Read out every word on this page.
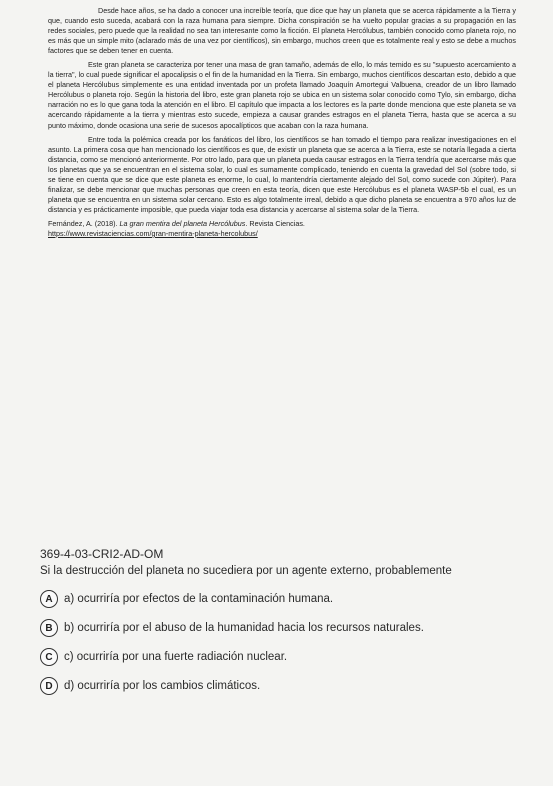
Desde hace años, se ha dado a conocer una increíble teoría, que dice que hay un planeta que se acerca rápidamente a la Tierra y que, cuando esto suceda, acabará con la raza humana para siempre. Dicha conspiración se ha vuelto popular gracias a su propagación en las redes sociales, pero puede que la realidad no sea tan interesante como la ficción. El planeta Hercólubus, también conocido como planeta rojo, no es más que un simple mito (aclarado más de una vez por científicos), sin embargo, muchos creen que es totalmente real y esto se debe a muchos factores que se deben tener en cuenta.

Este gran planeta se caracteriza por tener una masa de gran tamaño, además de ello, lo más temido es su "supuesto acercamiento a la tierra", lo cual puede significar el apocalipsis o el fin de la humanidad en la Tierra. Sin embargo, muchos científicos descartan esto, debido a que el planeta Hercólubus simplemente es una entidad inventada por un profeta llamado Joaquín Amortegui Valbuena, creador de un libro llamado Hercólubus o planeta rojo. Según la historia del libro, este gran planeta rojo se ubica en un sistema solar conocido como Tylo, sin embargo, dicha narración no es lo que gana toda la atención en el libro. El capítulo que impacta a los lectores es la parte donde menciona que este planeta se va acercando rápidamente a la tierra y mientras esto sucede, empieza a causar grandes estragos en el planeta Tierra, hasta que se acerca a su punto máximo, donde ocasiona una serie de sucesos apocalípticos que acaban con la raza humana.

Entre toda la polémica creada por los fanáticos del libro, los científicos se han tomado el tiempo para realizar investigaciones en el asunto. La primera cosa que han mencionado los científicos es que, de existir un planeta que se acerca a la Tierra, este se notaría llegada a cierta distancia, como se mencionó anteriormente. Por otro lado, para que un planeta pueda causar estragos en la Tierra tendría que acercarse más que los planetas que ya se encuentran en el sistema solar, lo cual es sumamente complicado, teniendo en cuenta la gravedad del Sol (sobre todo, si se tiene en cuenta que se dice que este planeta es enorme, lo cual, lo mantendría ciertamente alejado del Sol, como sucede con Júpiter). Para finalizar, se debe mencionar que muchas personas que creen en esta teoría, dicen que este Hercólubus es el planeta WASP-5b el cual, es un planeta que se encuentra en un sistema solar cercano. Esto es algo totalmente irreal, debido a que dicho planeta se encuentra a 970 años luz de distancia y es prácticamente imposible, que pueda viajar toda esa distancia y acercarse al sistema solar de la Tierra.

Fernández, A. (2018). La gran mentira del planeta Hercólubus. Revista Ciencias.
https://www.revistaciencias.com/gran-mentira-planeta-hercolubus/
369-4-03-CRI2-AD-OM
Si la destrucción del planeta no sucediera por un agente externo, probablemente
A a) ocurriría por efectos de la contaminación humana.
B b) ocurriría por el abuso de la humanidad hacia los recursos naturales.
C c) ocurriría por una fuerte radiación nuclear.
D d) ocurriría por los cambios climáticos.
